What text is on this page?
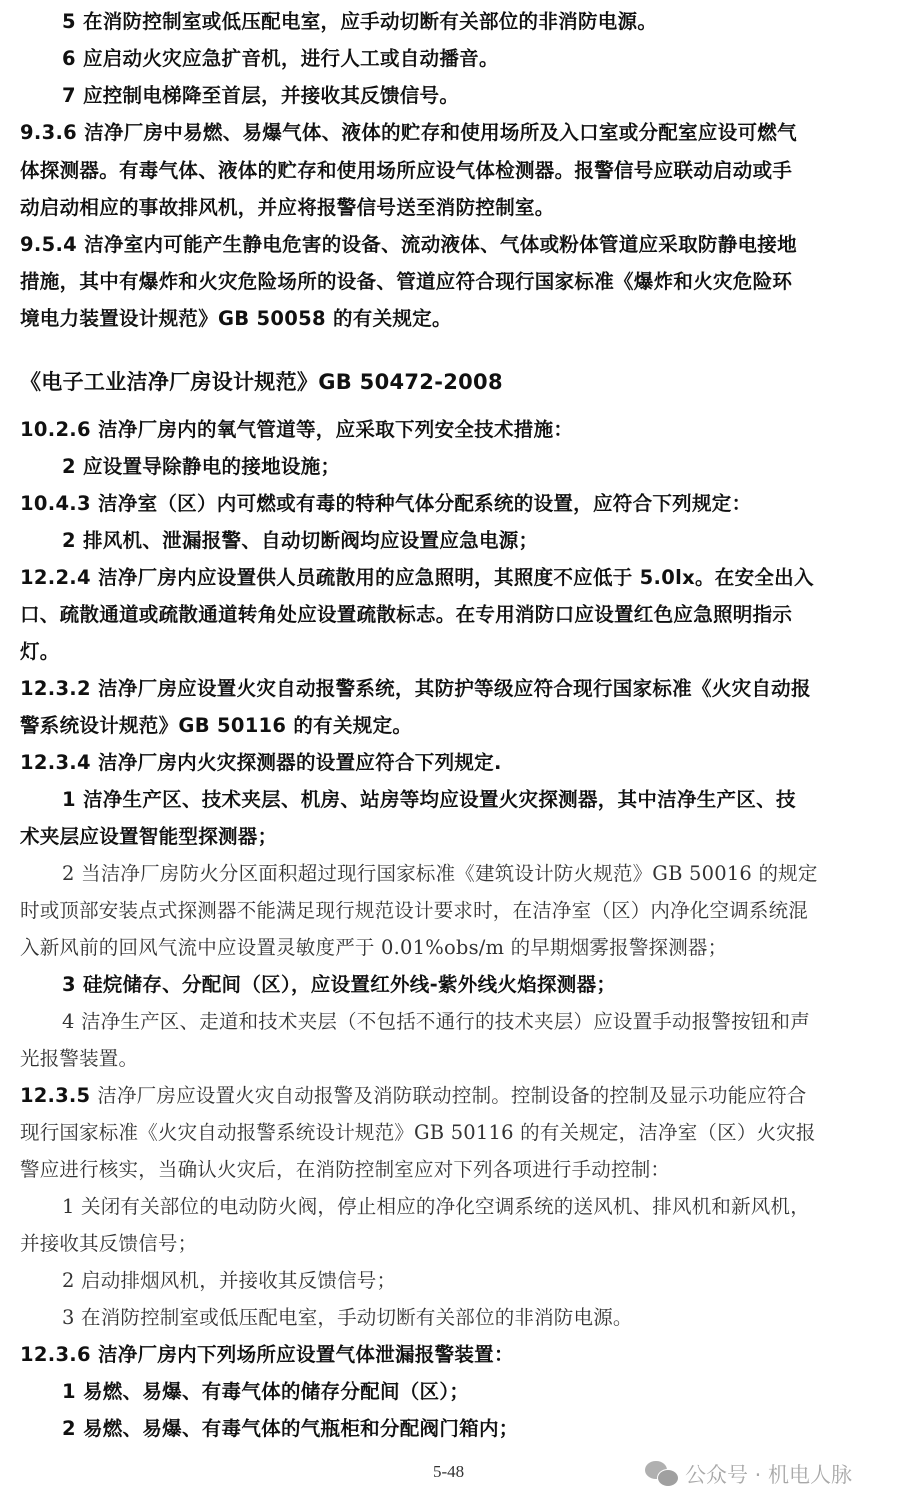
5 在消防控制室或低压配电室，应手动切断有关部位的非消防电源。
6 应启动火灾应急扩音机，进行人工或自动播音。
7 应控制电梯降至首层，并接收其反馈信号。
9.3.6 洁净厂房中易燃、易爆气体、液体的贮存和使用场所及入口室或分配室应设可燃气
体探测器。有毒气体、液体的贮存和使用场所应设气体检测器。报警信号应联动启动或手
动启动相应的事故排风机，并应将报警信号送至消防控制室。
9.5.4 洁净室内可能产生静电危害的设备、流动液体、气体或粉体管道应采取防静电接地
措施，其中有爆炸和火灾危险场所的设备、管道应符合现行国家标准《爆炸和火灾危险环
境电力装置设计规范》GB 50058 的有关规定。
《电子工业洁净厂房设计规范》GB 50472-2008
10.2.6 洁净厂房内的氧气管道等，应采取下列安全技术措施：
2 应设置导除静电的接地设施；
10.4.3 洁净室（区）内可燃或有毒的特种气体分配系统的设置，应符合下列规定：
2 排风机、泄漏报警、自动切断阀均应设置应急电源；
12.2.4 洁净厂房内应设置供人员疏散用的应急照明，其照度不应低于 5.0lx。在安全出入
口、疏散通道或疏散通道转角处应设置疏散标志。在专用消防口应设置红色应急照明指示
灯。
12.3.2 洁净厂房应设置火灾自动报警系统，其防护等级应符合现行国家标准《火灾自动报
警系统设计规范》GB 50116 的有关规定。
12.3.4 洁净厂房内火灾探测器的设置应符合下列规定.
1 洁净生产区、技术夹层、机房、站房等均应设置火灾探测器，其中洁净生产区、技
术夹层应设置智能型探测器；
2 当洁净厂房防火分区面积超过现行国家标准《建筑设计防火规范》GB 50016 的规定
时或顶部安装点式探测器不能满足现行规范设计要求时，在洁净室（区）内净化空调系统混
入新风前的回风气流中应设置灵敏度严于 0.01%obs/m 的早期烟雾报警探测器；
3 硅烷储存、分配间（区），应设置红外线-紫外线火焰探测器；
4 洁净生产区、走道和技术夹层（不包括不通行的技术夹层）应设置手动报警按钮和声
光报警装置。
12.3.5 洁净厂房应设置火灾自动报警及消防联动控制。控制设备的控制及显示功能应符合
现行国家标准《火灾自动报警系统设计规范》GB 50116 的有关规定，洁净室（区）火灾报
警应进行核实，当确认火灾后，在消防控制室应对下列各项进行手动控制：
1 关闭有关部位的电动防火阀，停止相应的净化空调系统的送风机、排风机和新风机，
并接收其反馈信号；
2 启动排烟风机，并接收其反馈信号；
3 在消防控制室或低压配电室，手动切断有关部位的非消防电源。
12.3.6 洁净厂房内下列场所应设置气体泄漏报警装置：
1 易燃、易爆、有毒气体的储存分配间（区）；
2 易燃、易爆、有毒气体的气瓶柜和分配阀门箱内；
5-48	公众号 · 机电人脉
